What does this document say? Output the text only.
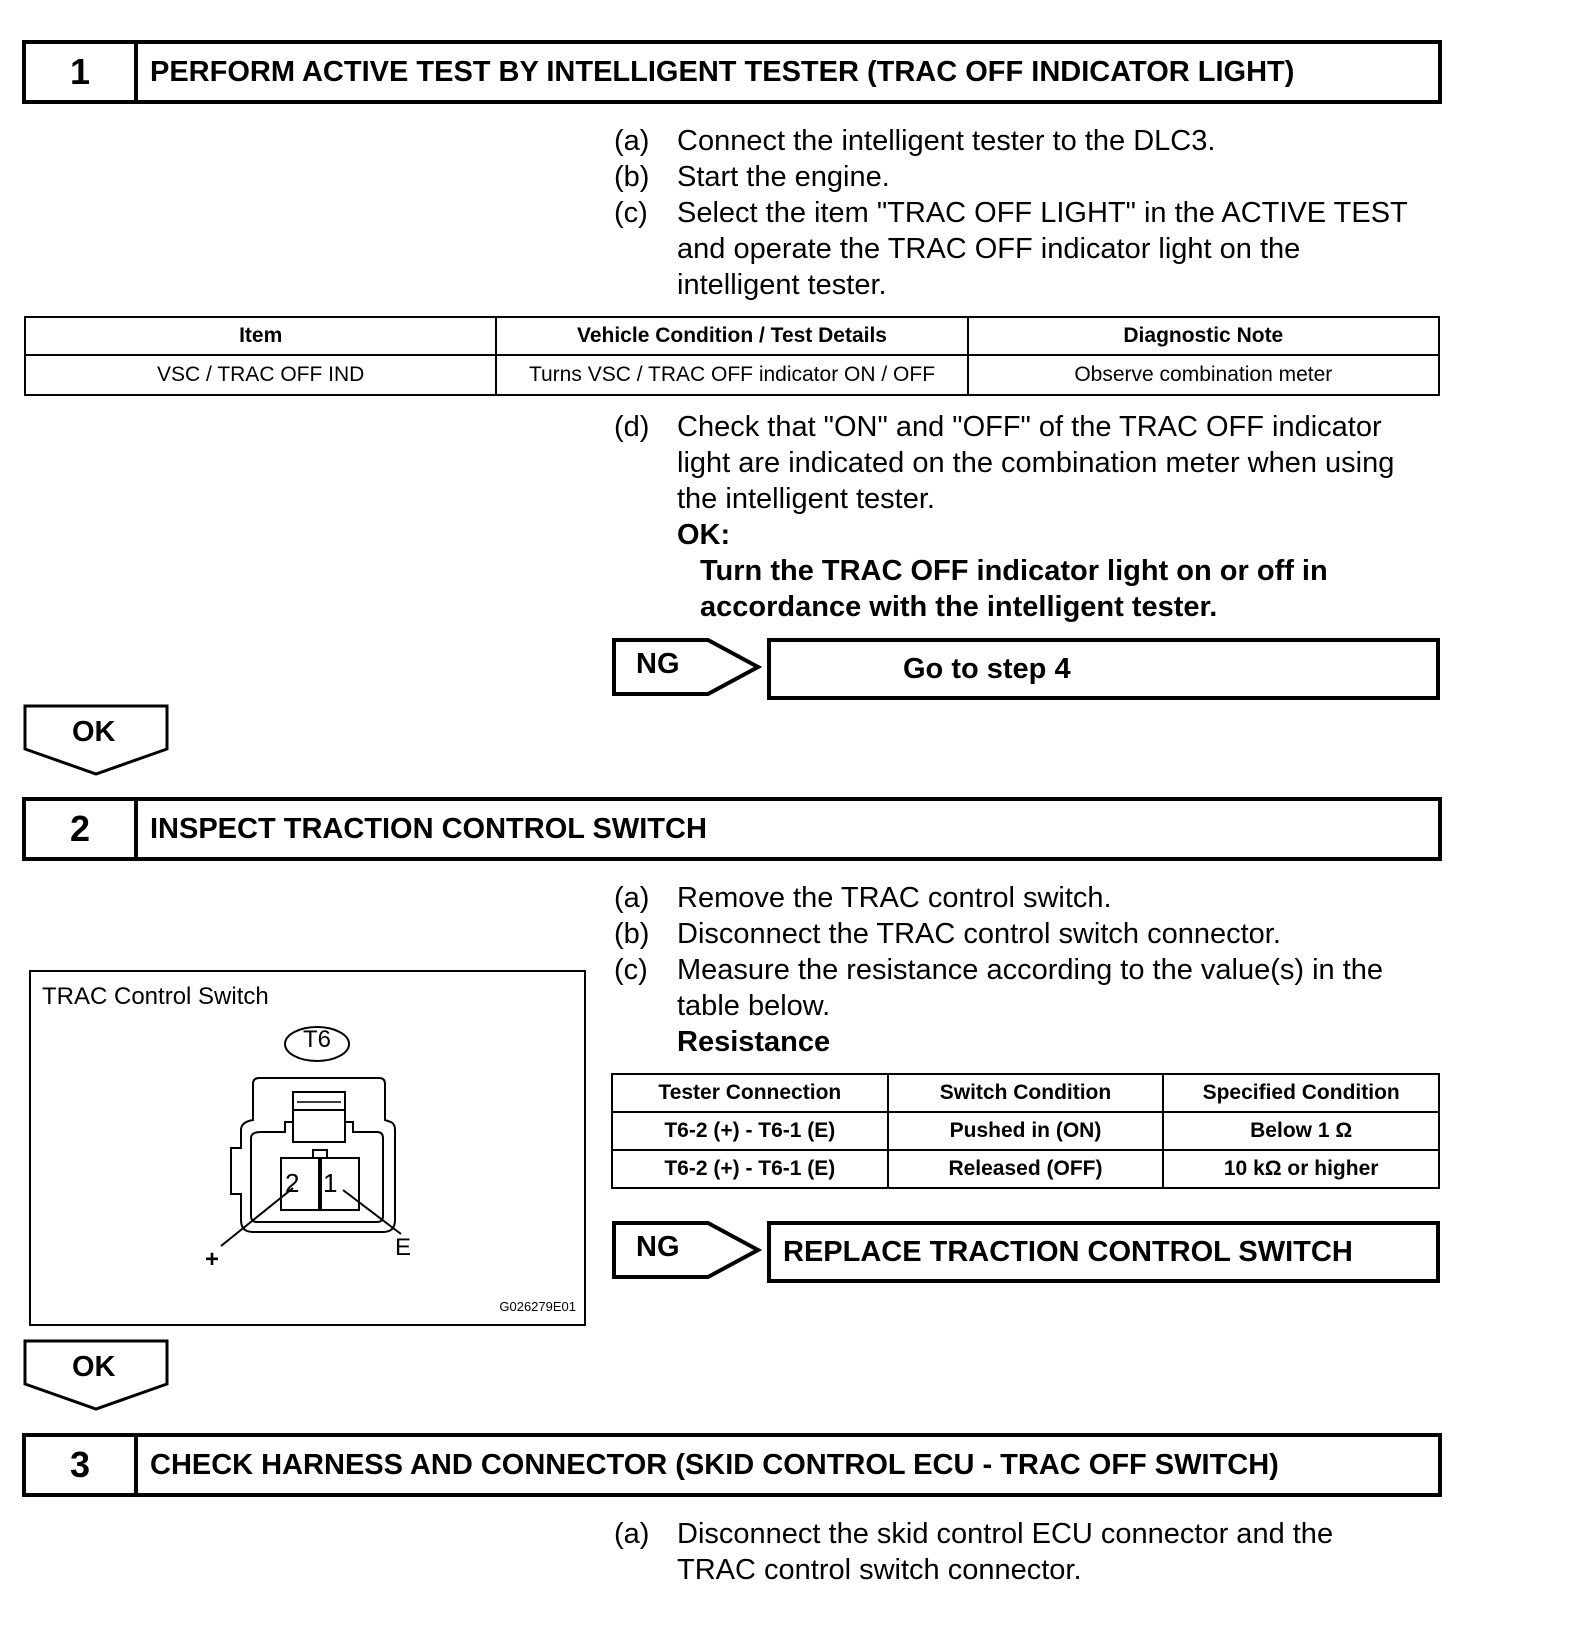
1	PERFORM ACTIVE TEST BY INTELLIGENT TESTER (TRAC OFF INDICATOR LIGHT)
(a) Connect the intelligent tester to the DLC3.
(b) Start the engine.
(c) Select the item "TRAC OFF LIGHT" in the ACTIVE TEST
and operate the TRAC OFF indicator light on the
intelligent tester.
Item	Vehicle Condition / Test Details	Diagnostic Note
VSC / TRAC OFF IND	Turns VSC / TRAC OFF indicator ON / OFF	Observe combination meter
(d) Check that "ON" and "OFF" of the TRAC OFF indicator
light are indicated on the combination meter when using
the intelligent tester.
OK:
Turn the TRAC OFF indicator light on or off in
accordance with the intelligent tester.
NG	Go to step 4
OK
2	INSPECT TRACTION CONTROL SWITCH
(a) Remove the TRAC control switch.
(b) Disconnect the TRAC control switch connector.
(c) Measure the resistance according to the value(s) in the
table below.
Resistance
TRAC Control Switch
T6
2 1
+	E
G026279E01
Tester Connection	Switch Condition	Specified Condition
T6-2 (+) - T6-1 (E)	Pushed in (ON)	Below 1 Ω
T6-2 (+) - T6-1 (E)	Released (OFF)	10 kΩ or higher
NG	REPLACE TRACTION CONTROL SWITCH
OK
3	CHECK HARNESS AND CONNECTOR (SKID CONTROL ECU - TRAC OFF SWITCH)
(a) Disconnect the skid control ECU connector and the
TRAC control switch connector.
